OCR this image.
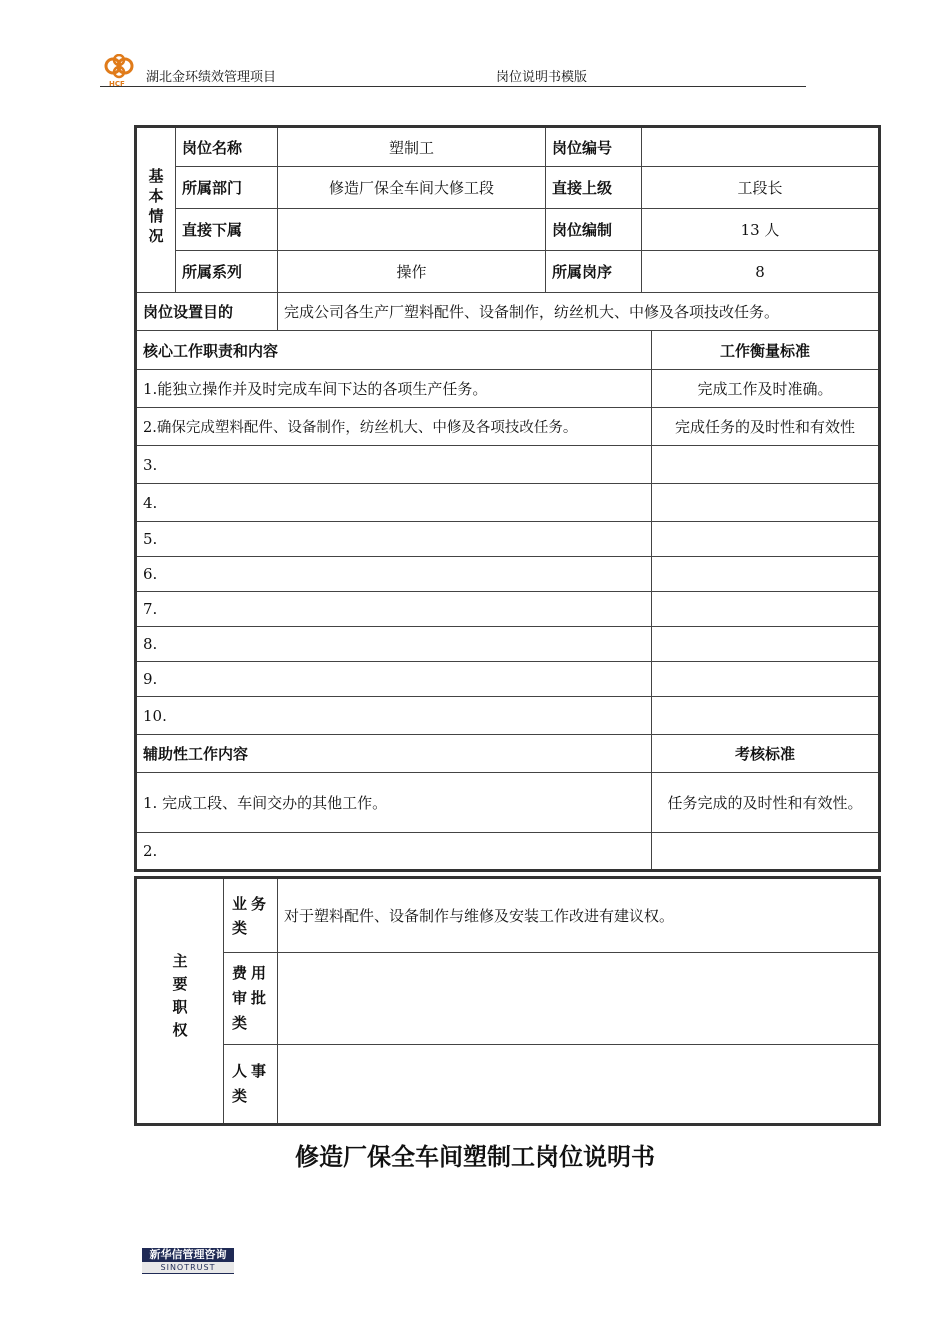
HCF 湖北金环绩效管理项目	岗位说明书模版
基本情况	岗位名称	塑制工	岗位编号		
	所属部门	修造厂保全车间大修工段	直接上级	工段长	
	直接下属		岗位编制	13 人	
	所属系列	操作	所属岗序	8	
岗位设置目的		完成公司各生产厂塑料配件、设备制作，纺丝机大、中修及各项技改任务。			
核心工作职责和内容					工作衡量标准
1.能独立操作并及时完成车间下达的各项生产任务。					完成工作及时准确。
2.确保完成塑料配件、设备制作，纺丝机大、中修及各项技改任务。					完成任务的及时性和有效性
3.					
4.					
5.					
6.					
7.					
8.					
9.					
10.					
辅助性工作内容					考核标准
1. 完成工段、车间交办的其他工作。					任务完成的及时性和有效性。
2.					
主要职权	业务类	对于塑料配件、设备制作与维修及安装工作改进有建议权。
	费用审批类	
	人事类	
修造厂保全车间塑制工岗位说明书
新华信管理咨询
SINOTRUST
